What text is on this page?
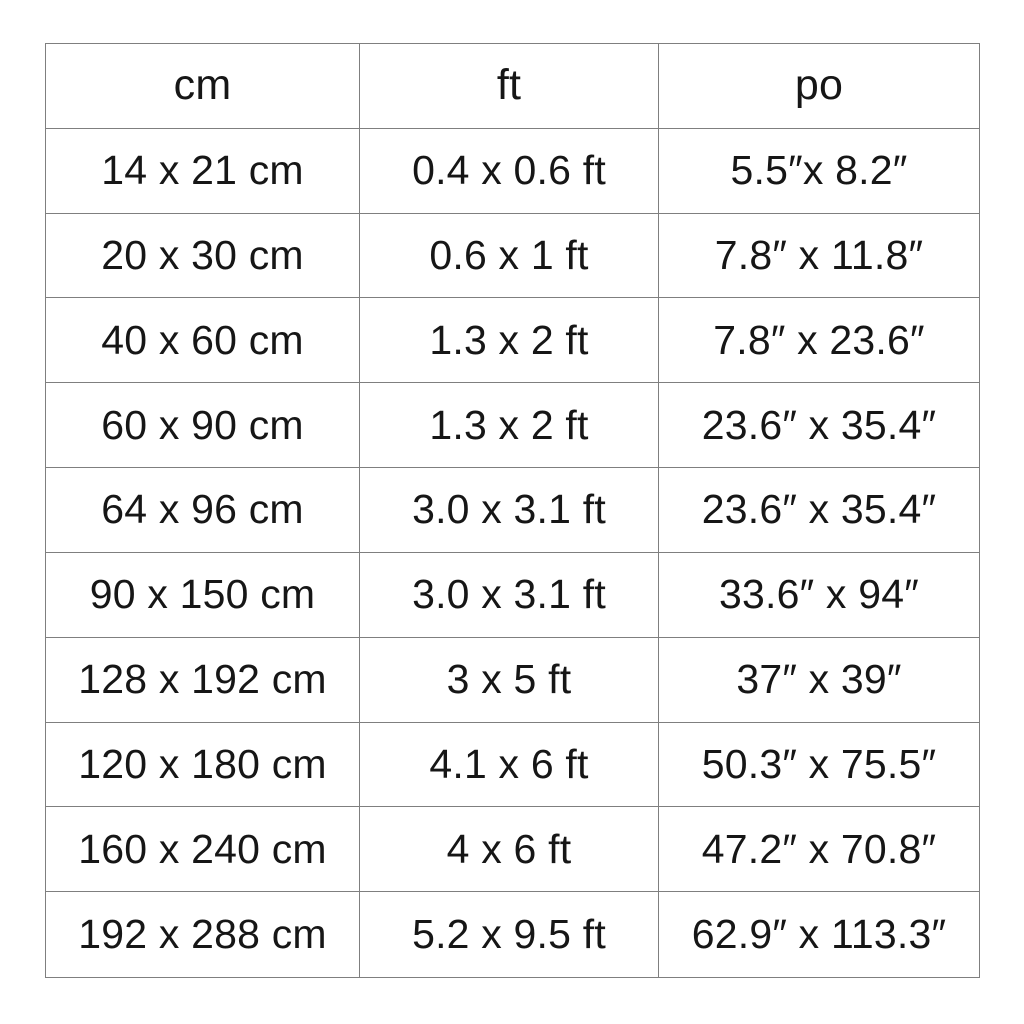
cm	ft	po
14 x 21 cm	0.4 x 0.6 ft	5.5″x 8.2″
20 x 30 cm	0.6 x 1 ft	7.8″ x 11.8″
40 x 60 cm	1.3 x 2 ft	7.8″ x 23.6″
60 x 90 cm	1.3 x 2 ft	23.6″ x 35.4″
64 x 96 cm	3.0 x 3.1 ft	23.6″ x 35.4″
90 x 150 cm	3.0 x 3.1 ft	33.6″ x 94″
128 x 192 cm	3 x 5 ft	37″ x 39″
120 x 180 cm	4.1 x 6 ft	50.3″ x 75.5″
160 x 240 cm	4 x 6 ft	47.2″ x 70.8″
192 x 288 cm	5.2 x 9.5 ft	62.9″ x 113.3″
